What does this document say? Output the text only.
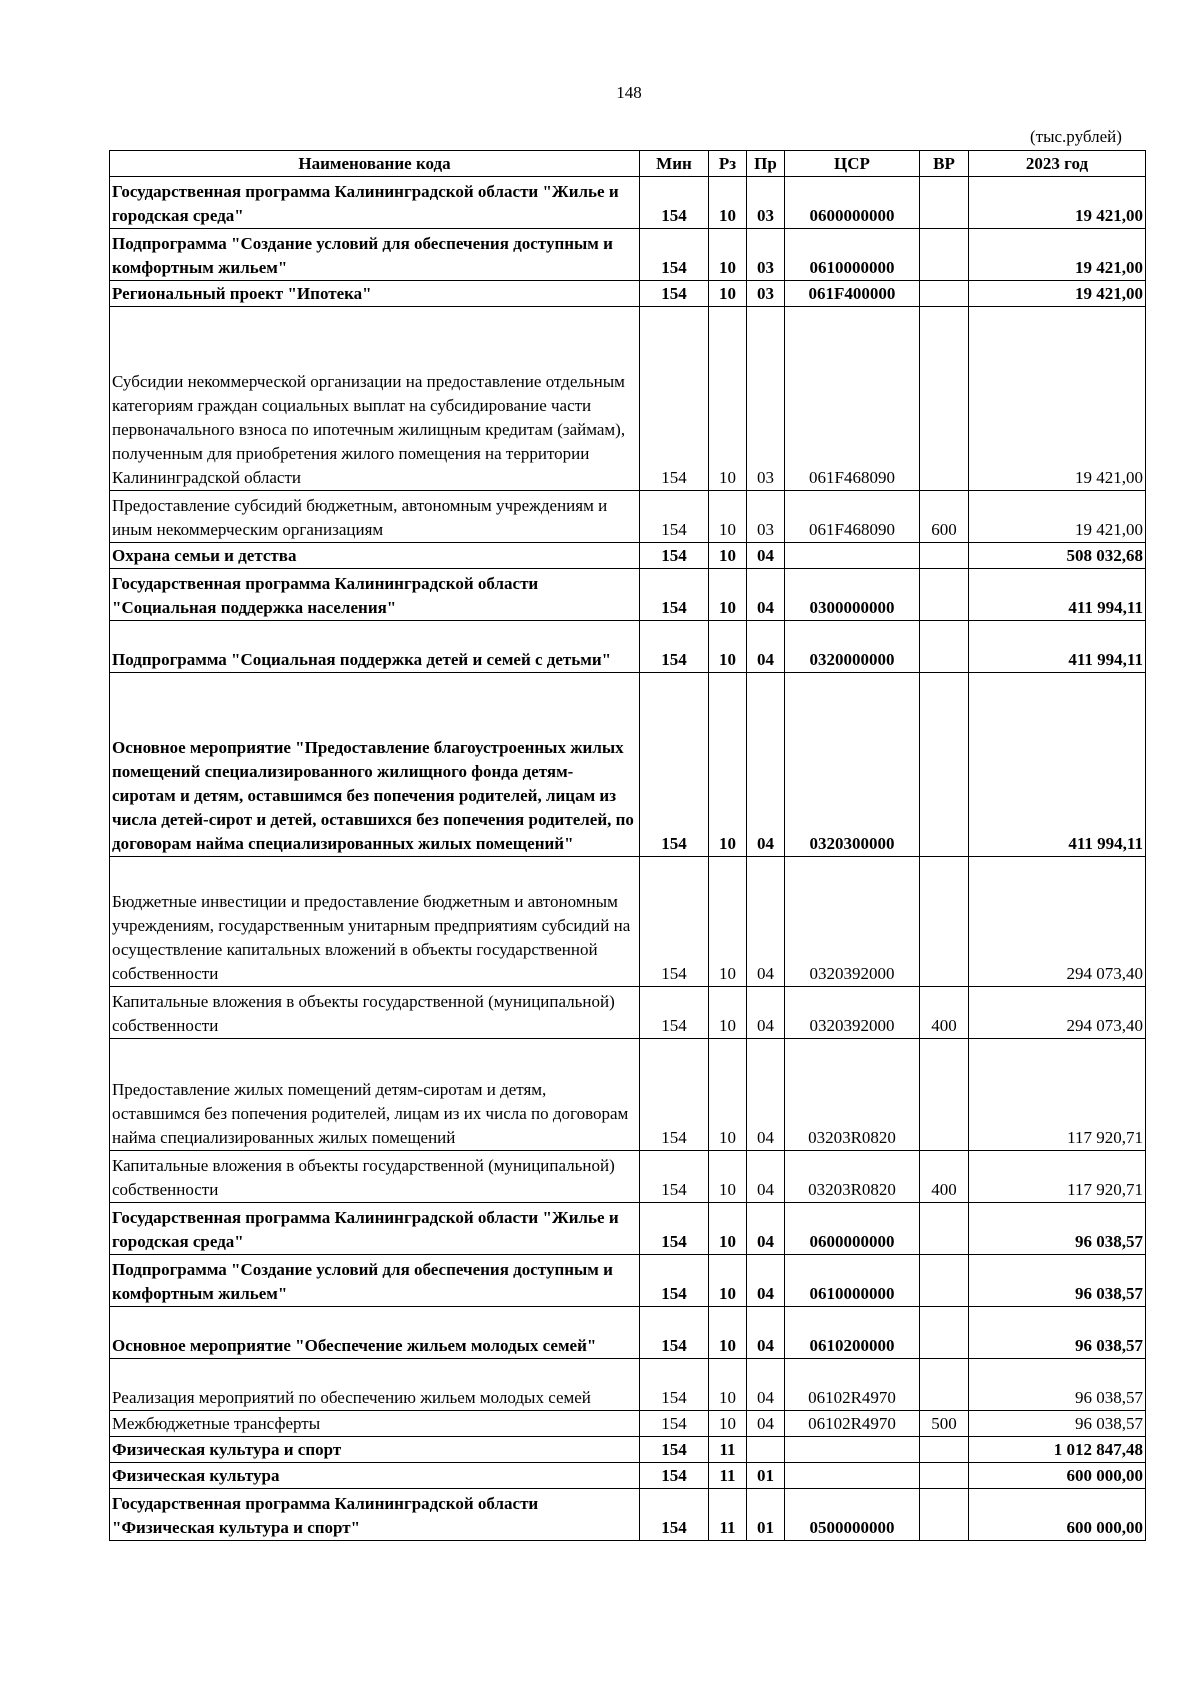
148
(тыс.рублей)
Наименование кода	Мин	Рз	Пр	ЦСР	ВР	2023 год
Государственная программа Калининградской области "Жилье и городская среда"	154	10	03	0600000000		19 421,00
Подпрограмма "Создание условий для обеспечения доступным и комфортным жильем"	154	10	03	0610000000		19 421,00
Региональный проект "Ипотека"	154	10	03	061F400000		19 421,00
Субсидии некоммерческой организации на предоставление отдельным категориям граждан социальных выплат на субсидирование части первоначального взноса по ипотечным жилищным кредитам (займам), полученным для приобретения жилого помещения на территории Калининградской области	154	10	03	061F468090		19 421,00
Предоставление субсидий бюджетным, автономным учреждениям и иным некоммерческим организациям	154	10	03	061F468090	600	19 421,00
Охрана семьи и детства	154	10	04			508 032,68
Государственная программа Калининградской области "Социальная поддержка населения"	154	10	04	0300000000		411 994,11
Подпрограмма "Социальная поддержка детей и семей с детьми"	154	10	04	0320000000		411 994,11
Основное мероприятие "Предоставление благоустроенных жилых помещений специализированного жилищного фонда детям-сиротам и детям, оставшимся без попечения родителей, лицам из числа детей-сирот и детей, оставшихся без попечения родителей, по договорам найма специализированных жилых помещений"	154	10	04	0320300000		411 994,11
Бюджетные инвестиции и предоставление бюджетным и автономным учреждениям, государственным унитарным предприятиям субсидий на осуществление капитальных вложений в объекты государственной собственности	154	10	04	0320392000		294 073,40
Капитальные вложения в объекты государственной (муниципальной) собственности	154	10	04	0320392000	400	294 073,40
Предоставление жилых помещений детям-сиротам и детям, оставшимся без попечения родителей, лицам из их числа по договорам найма специализированных жилых помещений	154	10	04	03203R0820		117 920,71
Капитальные вложения в объекты государственной (муниципальной) собственности	154	10	04	03203R0820	400	117 920,71
Государственная программа Калининградской области "Жилье и городская среда"	154	10	04	0600000000		96 038,57
Подпрограмма "Создание условий для обеспечения доступным и комфортным жильем"	154	10	04	0610000000		96 038,57
Основное мероприятие "Обеспечение жильем молодых семей"	154	10	04	0610200000		96 038,57
Реализация мероприятий по обеспечению жильем молодых семей	154	10	04	06102R4970		96 038,57
Межбюджетные трансферты	154	10	04	06102R4970	500	96 038,57
Физическая культура и спорт	154	11				1 012 847,48
Физическая культура	154	11	01			600 000,00
Государственная программа Калининградской области "Физическая культура и спорт"	154	11	01	0500000000		600 000,00
